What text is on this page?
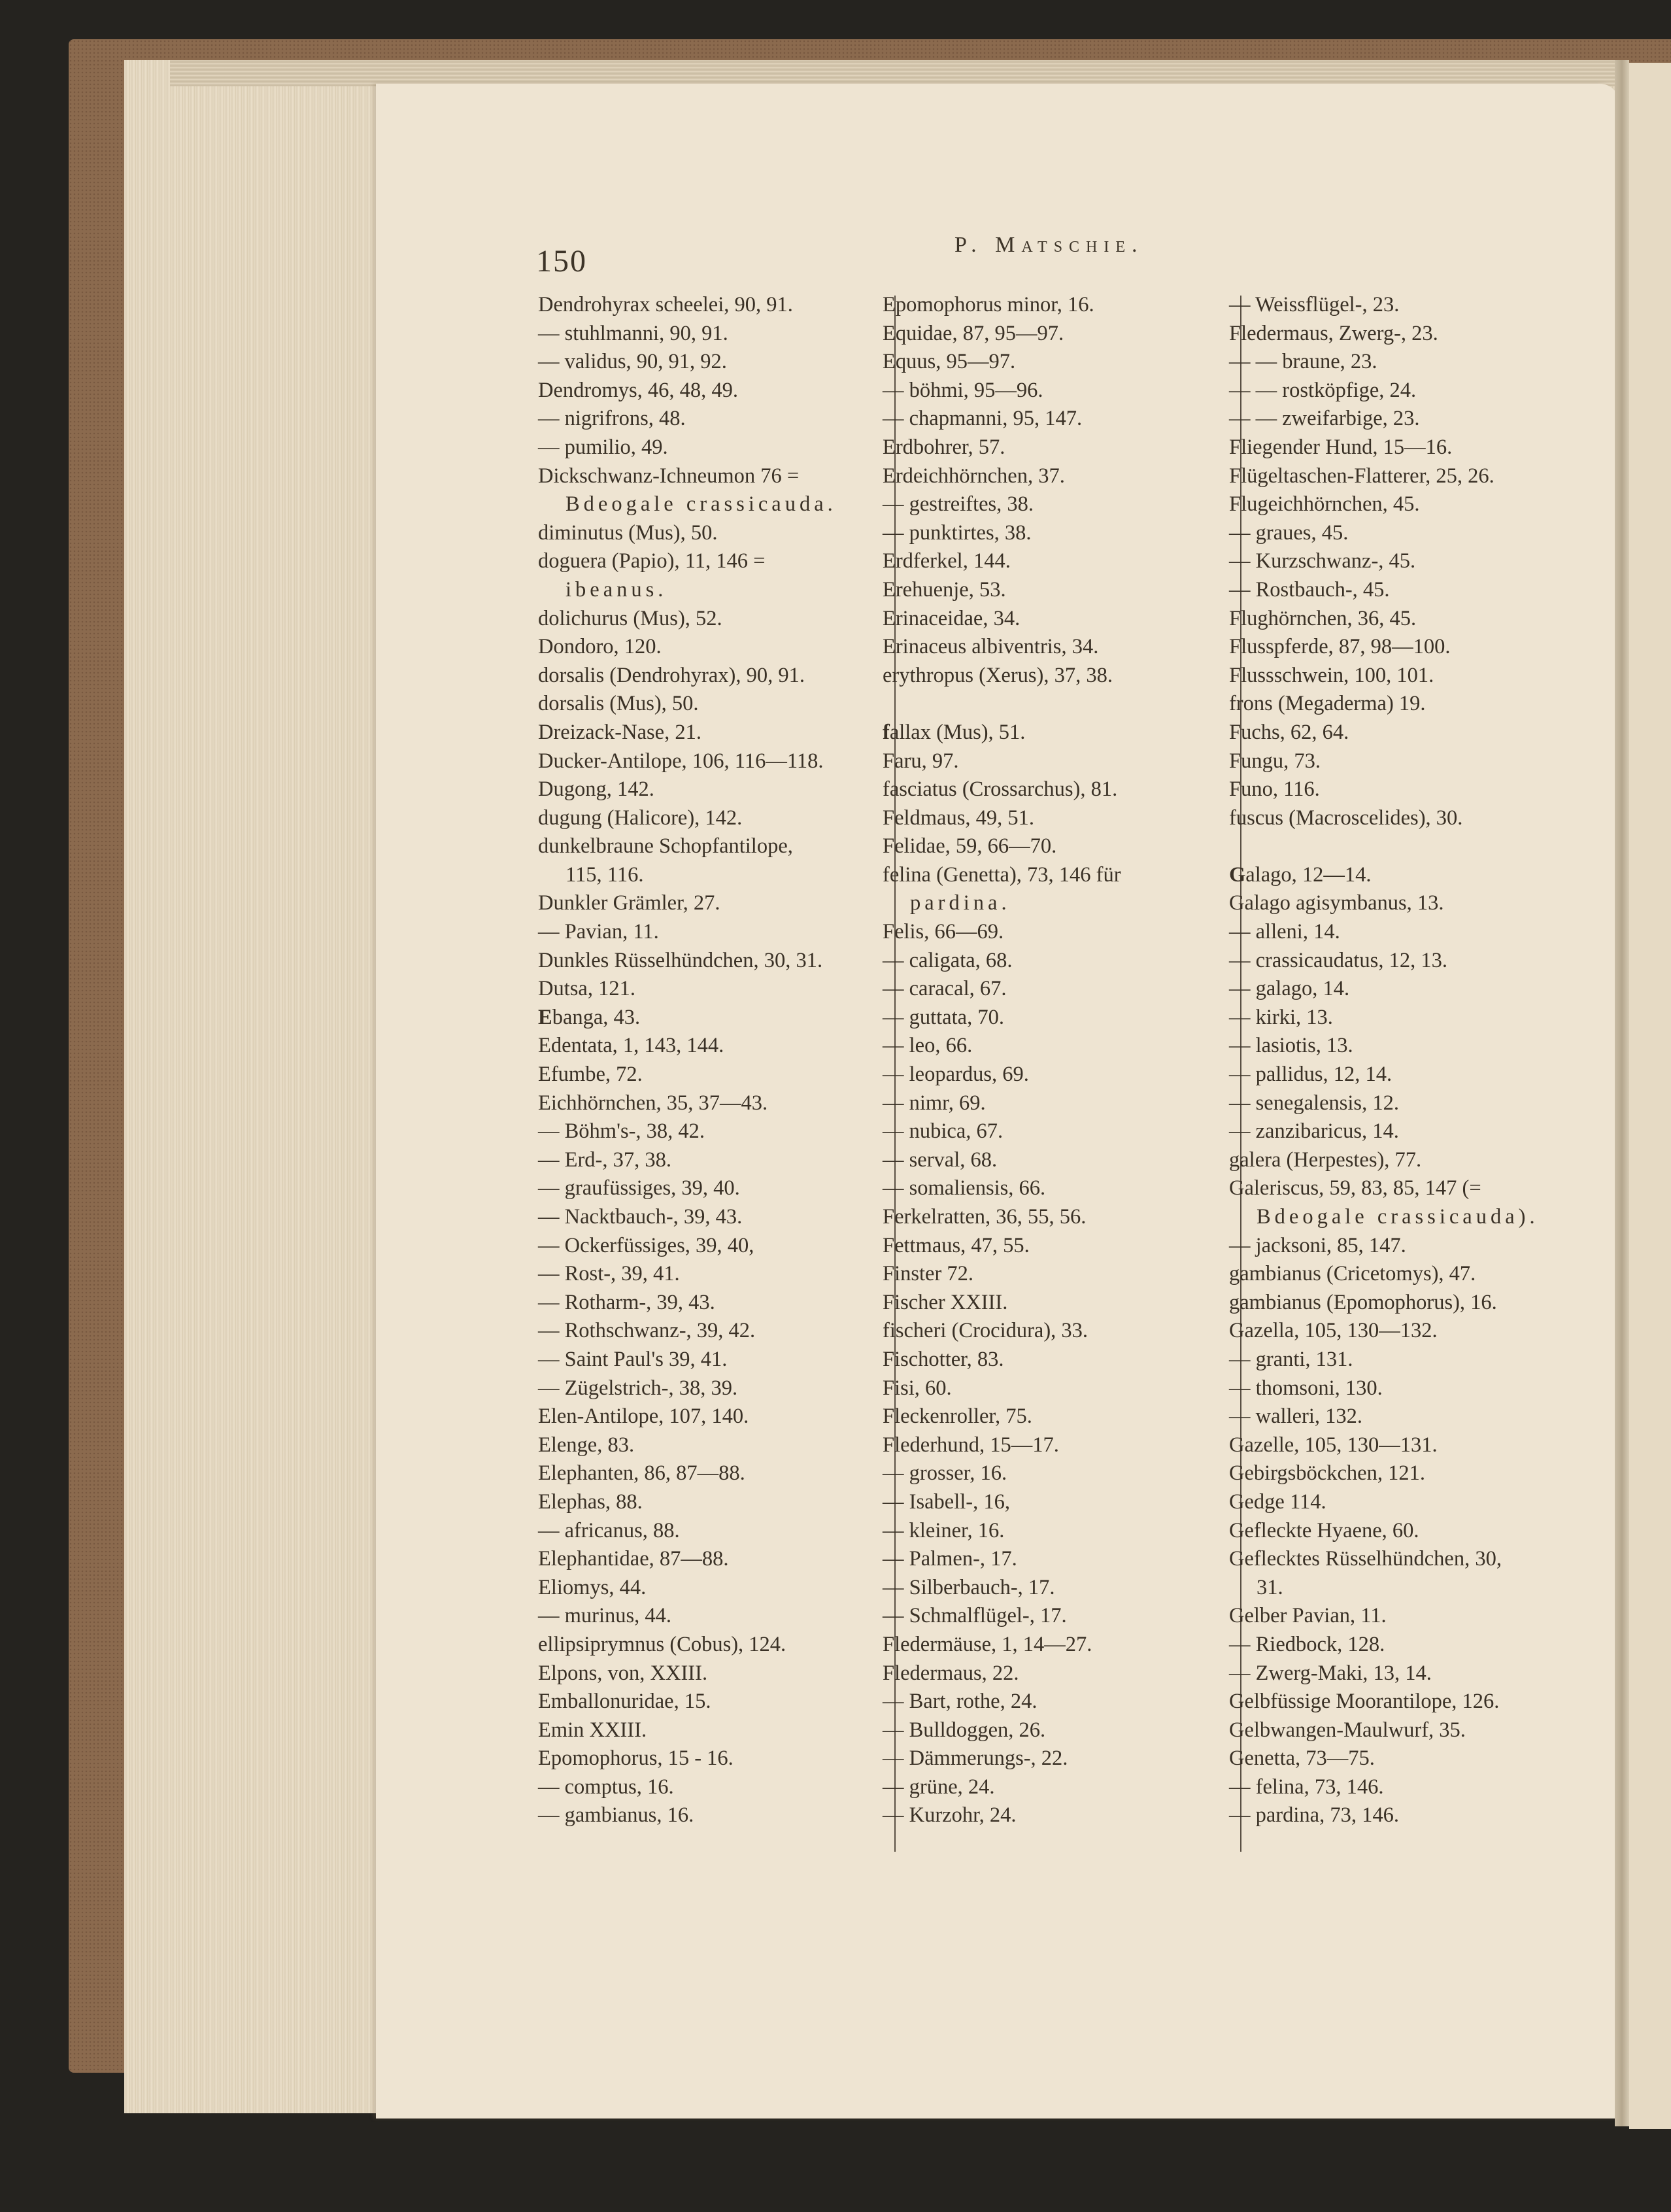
150	P. Matschie.
Dendrohyrax scheelei, 90, 91.
— stuhlmanni, 90, 91.
— validus, 90, 91, 92.
Dendromys, 46, 48, 49.
— nigrifrons, 48.
— pumilio, 49.
Dickschwanz-Ichneumon 76 =
Bdeogale crassicauda.
diminutus (Mus), 50.
doguera (Papio), 11, 146 =
ibeanus.
dolichurus (Mus), 52.
Dondoro, 120.
dorsalis (Dendrohyrax), 90, 91.
dorsalis (Mus), 50.
Dreizack-Nase, 21.
Ducker-Antilope, 106, 116—118.
Dugong, 142.
dugung (Halicore), 142.
dunkelbraune Schopfantilope,
115, 116.
Dunkler Grämler, 27.
— Pavian, 11.
Dunkles Rüsselhündchen, 30, 31.
Dutsa, 121.
Ebanga, 43.
Edentata, 1, 143, 144.
Efumbe, 72.
Eichhörnchen, 35, 37—43.
— Böhm's-, 38, 42.
— Erd-, 37, 38.
— graufüssiges, 39, 40.
— Nacktbauch-, 39, 43.
— Ockerfüssiges, 39, 40,
— Rost-, 39, 41.
— Rotharm-, 39, 43.
— Rothschwanz-, 39, 42.
— Saint Paul's 39, 41.
— Zügelstrich-, 38, 39.
Elen-Antilope, 107, 140.
Elenge, 83.
Elephanten, 86, 87—88.
Elephas, 88.
— africanus, 88.
Elephantidae, 87—88.
Eliomys, 44.
— murinus, 44.
ellipsiprymnus (Cobus), 124.
Elpons, von, XXIII.
Emballonuridae, 15.
Emin XXIII.
Epomophorus, 15 - 16.
— comptus, 16.
— gambianus, 16.
Epomophorus minor, 16.
Equidae, 87, 95—97.
Equus, 95—97.
— böhmi, 95—96.
— chapmanni, 95, 147.
Erdbohrer, 57.
Erdeichhörnchen, 37.
— gestreiftes, 38.
— punktirtes, 38.
Erdferkel, 144.
Erehuenje, 53.
Erinaceidae, 34.
Erinaceus albiventris, 34.
erythropus (Xerus), 37, 38.
fallax (Mus), 51.
Faru, 97.
fasciatus (Crossarchus), 81.
Feldmaus, 49, 51.
Felidae, 59, 66—70.
felina (Genetta), 73, 146 für
pardina.
Felis, 66—69.
— caligata, 68.
— caracal, 67.
— guttata, 70.
— leo, 66.
— leopardus, 69.
— nimr, 69.
— nubica, 67.
— serval, 68.
— somaliensis, 66.
Ferkelratten, 36, 55, 56.
Fettmaus, 47, 55.
Finster 72.
Fischer XXIII.
fischeri (Crocidura), 33.
Fischotter, 83.
Fisi, 60.
Fleckenroller, 75.
Flederhund, 15—17.
— grosser, 16.
— Isabell-, 16,
— kleiner, 16.
— Palmen-, 17.
— Silberbauch-, 17.
— Schmalflügel-, 17.
Fledermäuse, 1, 14—27.
Fledermaus, 22.
— Bart, rothe, 24.
— Bulldoggen, 26.
— Dämmerungs-, 22.
— grüne, 24.
— Kurzohr, 24.
— Weissflügel-, 23.
Fledermaus, Zwerg-, 23.
— — braune, 23.
— — rostköpfige, 24.
— — zweifarbige, 23.
Fliegender Hund, 15—16.
Flügeltaschen-Flatterer, 25, 26.
Flugeichhörnchen, 45.
— graues, 45.
— Kurzschwanz-, 45.
— Rostbauch-, 45.
Flughörnchen, 36, 45.
Flusspferde, 87, 98—100.
Flussschwein, 100, 101.
frons (Megaderma) 19.
Fuchs, 62, 64.
Fungu, 73.
Funo, 116.
fuscus (Macroscelides), 30.
Galago, 12—14.
Galago agisymbanus, 13.
— alleni, 14.
— crassicaudatus, 12, 13.
— galago, 14.
— kirki, 13.
— lasiotis, 13.
— pallidus, 12, 14.
— senegalensis, 12.
— zanzibaricus, 14.
galera (Herpestes), 77.
Galeriscus, 59, 83, 85, 147 (=
Bdeogale crassicauda).
— jacksoni, 85, 147.
gambianus (Cricetomys), 47.
gambianus (Epomophorus), 16.
Gazella, 105, 130—132.
— granti, 131.
— thomsoni, 130.
— walleri, 132.
Gazelle, 105, 130—131.
Gebirgsböckchen, 121.
Gedge 114.
Gefleckte Hyaene, 60.
Geflecktes Rüsselhündchen, 30,
31.
Gelber Pavian, 11.
— Riedbock, 128.
— Zwerg-Maki, 13, 14.
Gelbfüssige Moorantilope, 126.
Gelbwangen-Maulwurf, 35.
Genetta, 73—75.
— felina, 73, 146.
— pardina, 73, 146.
